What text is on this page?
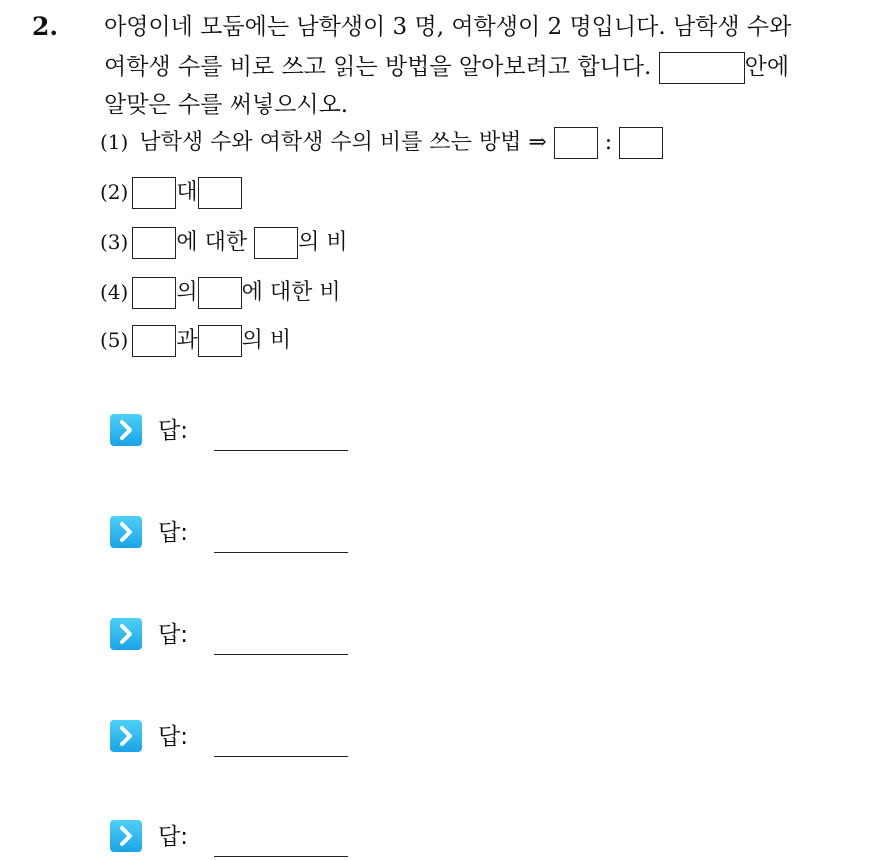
2. 아영이네 모둠에는 남학생이 3 명, 여학생이 2 명입니다. 남학생 수와
여학생 수를 비로 쓰고 읽는 방법을 알아보려고 합니다.	안에
알맞은 수를 써넣으시오.
(1) 남학생 수와 여학생 수의 비를 쓰는 방법 ⇒	:
(2) 대
(3) 에 대한 의 비
(4) 의 에 대한 비
(5) 과 의 비
답:
답:
답:
답:
답:
